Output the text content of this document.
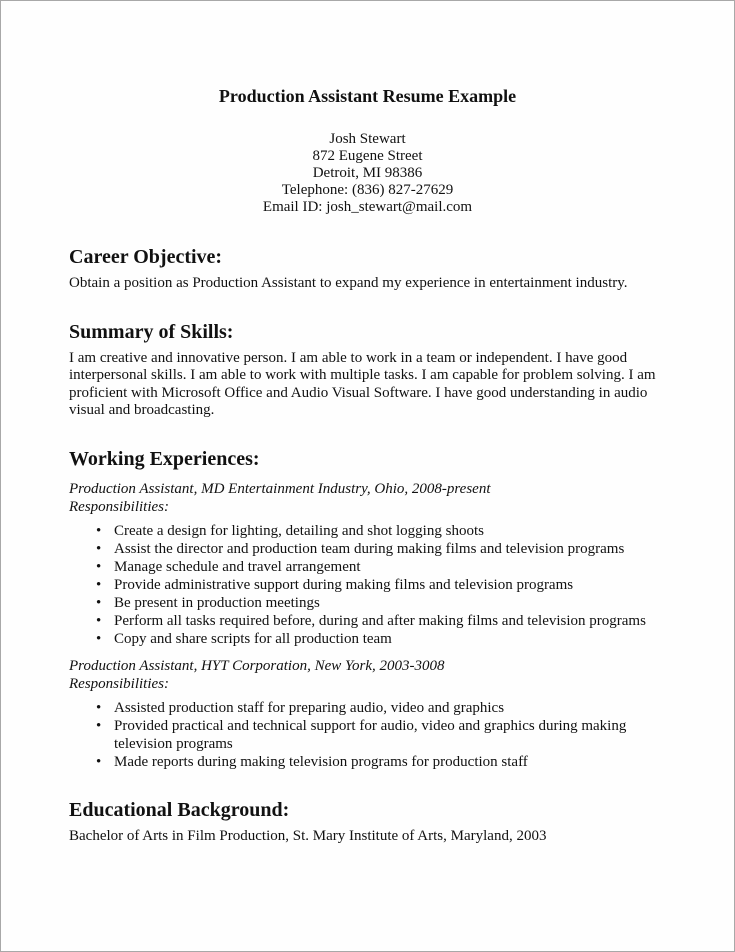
Production Assistant Resume Example
Josh Stewart
872 Eugene Street
Detroit, MI 98386
Telephone: (836) 827-27629
Email ID: josh_stewart@mail.com
Career Objective:
Obtain a position as Production Assistant to expand my experience in entertainment industry.
Summary of Skills:
I am creative and innovative person. I am able to work in a team or independent. I have good interpersonal skills. I am able to work with multiple tasks. I am capable for problem solving. I am proficient with Microsoft Office and Audio Visual Software. I have good understanding in audio visual and broadcasting.
Working Experiences:
Production Assistant, MD Entertainment Industry, Ohio, 2008-present
Responsibilities:
• Create a design for lighting, detailing and shot logging shoots
• Assist the director and production team during making films and television programs
• Manage schedule and travel arrangement
• Provide administrative support during making films and television programs
• Be present in production meetings
• Perform all tasks required before, during and after making films and television programs
• Copy and share scripts for all production team
Production Assistant, HYT Corporation, New York, 2003-3008
Responsibilities:
• Assisted production staff for preparing audio, video and graphics
• Provided practical and technical support for audio, video and graphics during making television programs
• Made reports during making television programs for production staff
Educational Background:
Bachelor of Arts in Film Production, St. Mary Institute of Arts, Maryland, 2003
